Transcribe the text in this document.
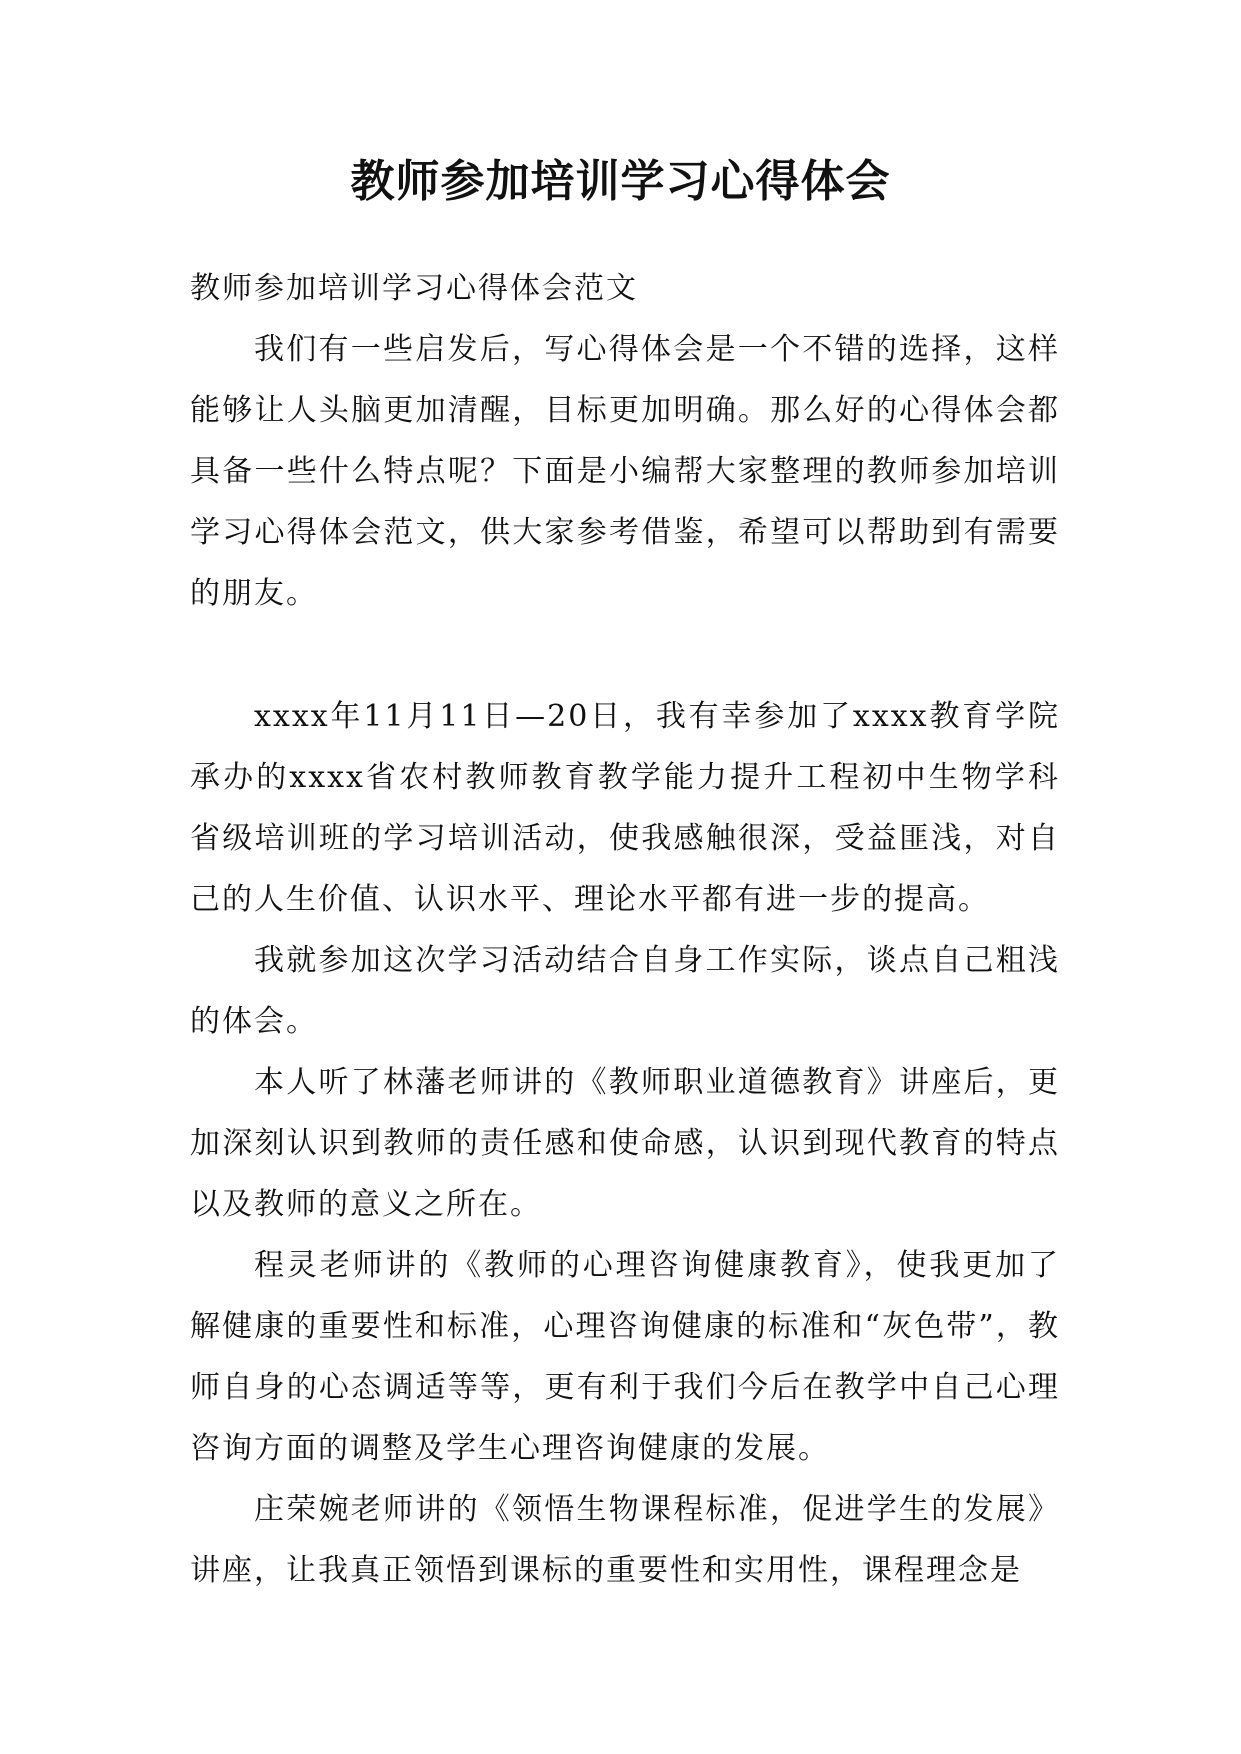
教师参加培训学习心得体会

教师参加培训学习心得体会范文

我们有一些启发后，写心得体会是一个不错的选择，这样能够让人头脑更加清醒，目标更加明确。那么好的心得体会都具备一些什么特点呢？下面是小编帮大家整理的教师参加培训学习心得体会范文，供大家参考借鉴，希望可以帮助到有需要的朋友。

xxxx年11月11日—20日，我有幸参加了xxxx教育学院承办的xxxx省农村教师教育教学能力提升工程初中生物学科省级培训班的学习培训活动，使我感触很深，受益匪浅，对自己的人生价值、认识水平、理论水平都有进一步的提高。

我就参加这次学习活动结合自身工作实际，谈点自己粗浅的体会。

本人听了林藩老师讲的《教师职业道德教育》讲座后，更加深刻认识到教师的责任感和使命感，认识到现代教育的特点以及教师的意义之所在。

程灵老师讲的《教师的心理咨询健康教育》，使我更加了解健康的重要性和标准，心理咨询健康的标准和“灰色带”，教师自身的心态调适等等，更有利于我们今后在教学中自己心理咨询方面的调整及学生心理咨询健康的发展。

庄荣婉老师讲的《领悟生物课程标准，促进学生的发展》讲座，让我真正领悟到课标的重要性和实用性，课程理念是
